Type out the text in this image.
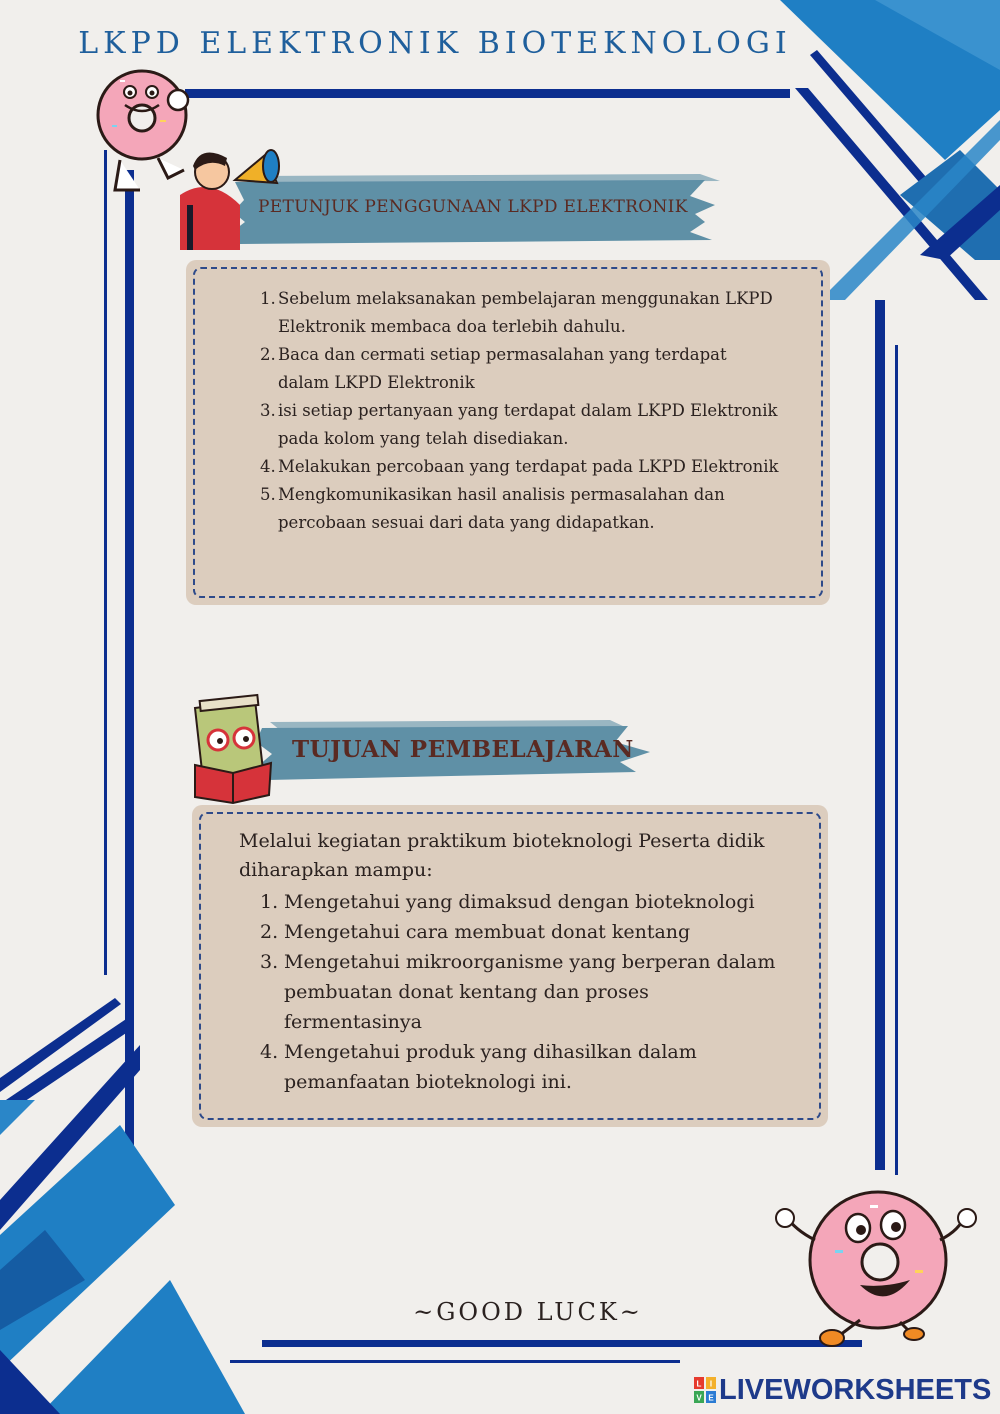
LKPD ELEKTRONIK BIOTEKNOLOGI
PETUNJUK PENGGUNAAN LKPD ELEKTRONIK
1. Sebelum melaksanakan pembelajaran menggunakan LKPD Elektronik membaca doa terlebih dahulu.
2. Baca dan cermati setiap permasalahan yang terdapat dalam LKPD Elektronik
3. isi setiap pertanyaan yang terdapat dalam LKPD Elektronik pada kolom yang telah disediakan.
4. Melakukan percobaan yang terdapat pada LKPD Elektronik
5. Mengkomunikasikan hasil analisis permasalahan dan percobaan sesuai dari data yang didapatkan.
TUJUAN PEMBELAJARAN
Melalui kegiatan praktikum bioteknologi Peserta didik diharapkan mampu:
1. Mengetahui yang dimaksud dengan bioteknologi
2. Mengetahui cara membuat donat kentang
3. Mengetahui mikroorganisme yang berperan dalam pembuatan donat kentang dan proses fermentasinya
4. Mengetahui produk yang dihasilkan dalam pemanfaatan bioteknologi ini.
~GOOD LUCK~
L I
V E LIVEWORKSHEETS
